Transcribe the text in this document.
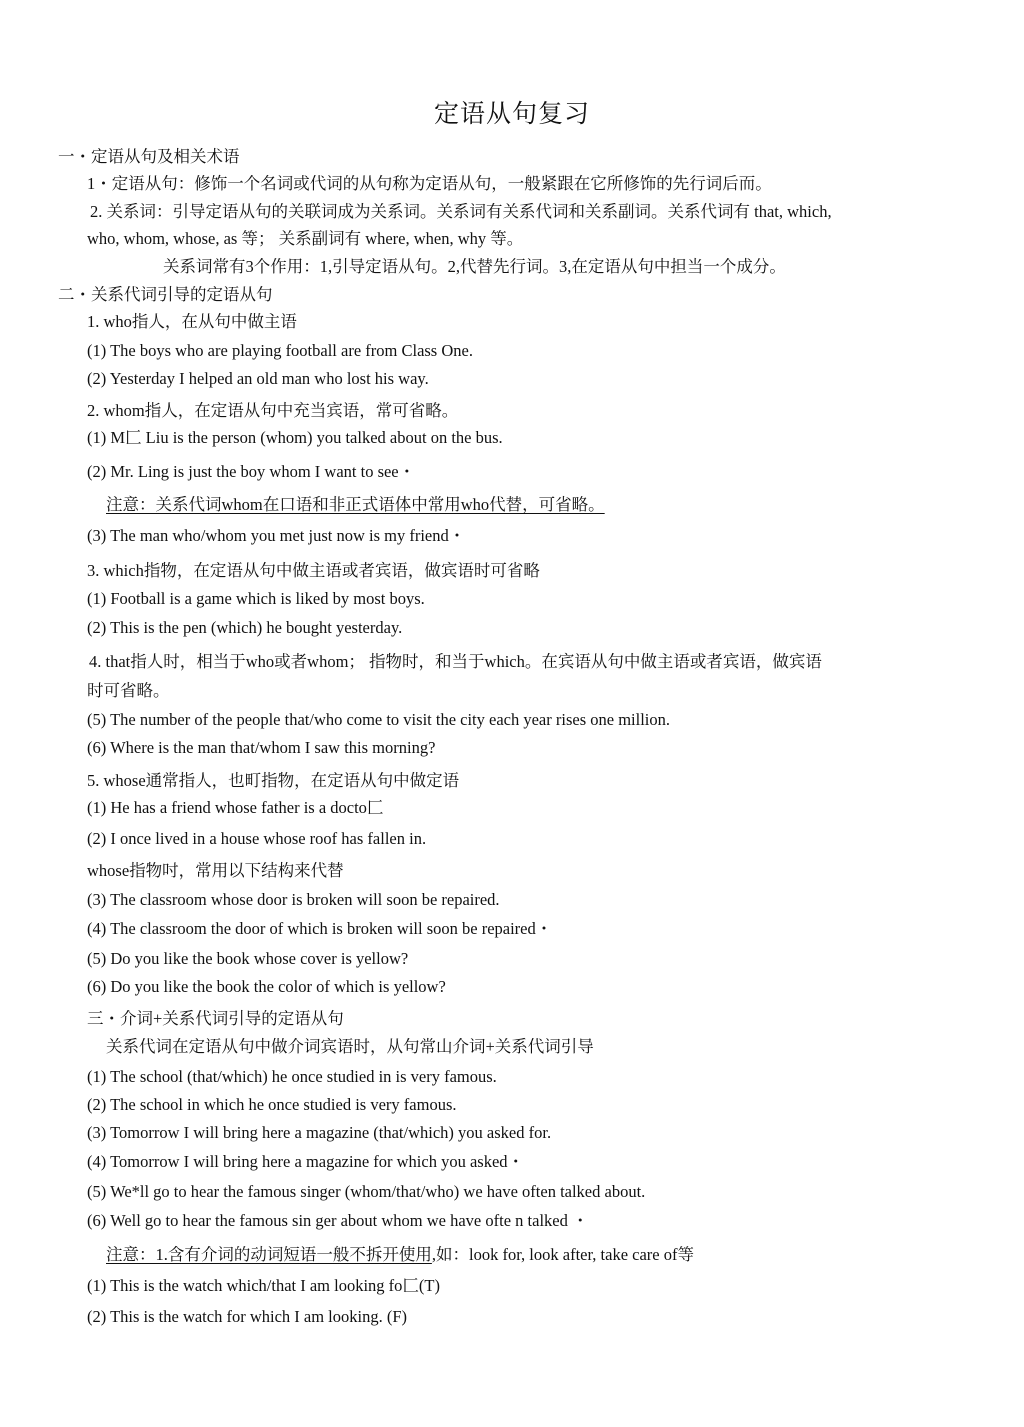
定语从句复习
一・定语从句及相关术语
1・定语从句：修饰一个名词或代词的从句称为定语从句，一般紧跟在它所修饰的先行词后而。
2. 关系词：引导定语从句的关联词成为关系词。关系词有关系代词和关系副词。关系代词有 that, which,
who, whom, whose, as 等； 关系副词有 where, when, why 等。
关系词常有3个作用：1,引导定语从句。2,代替先行词。3,在定语从句中担当一个成分。
二・关系代词引导的定语从句
1. who指人，在从句中做主语
(1) The boys who are playing football are from Class One.
(2) Yesterday I helped an old man who lost his way.
2. whom指人，在定语从句中充当宾语，常可省略。
(1) M匚 Liu is the person (whom) you talked about on the bus.
(2) Mr. Ling is just the boy whom I want to see・
注意：关系代词whom在口语和非正式语体中常用who代替，可省略。
(3) The man who/whom you met just now is my friend・
3. which指物，在定语从句中做主语或者宾语，做宾语时可省略
(1) Football is a game which is liked by most boys.
(2) This is the pen (which) he bought yesterday.
4. that指人时，相当于who或者whom； 指物时，和当于which。在宾语从句中做主语或者宾语，做宾语
时可省略。
(5) The number of the people that/who come to visit the city each year rises one million.
(6) Where is the man that/whom I saw this morning?
5. whose通常指人，也町指物，在定语从句中做定语
(1) He has a friend whose father is a docto匚
(2) I once lived in a house whose roof has fallen in.
whose指物吋，常用以下结构来代替
(3) The classroom whose door is broken will soon be repaired.
(4) The classroom the door of which is broken will soon be repaired・
(5) Do you like the book whose cover is yellow?
(6) Do you like the book the color of which is yellow?
三・介词+关系代词引导的定语从句
关系代词在定语从句中做介词宾语时，从句常山介词+关系代词引导
(1) The school (that/which) he once studied in is very famous.
(2) The school in which he once studied is very famous.
(3) Tomorrow I will bring here a magazine (that/which) you asked for.
(4) Tomorrow I will bring here a magazine for which you asked・
(5) We*ll go to hear the famous singer (whom/that/who) we have often talked about.
(6) Well go to hear the famous sin ger about whom we have ofte n talked ・
注意：1.含有介词的动词短语一般不拆开使用,如：look for, look after, take care of等
(1) This is the watch which/that I am looking fo匚(T)
(2) This is the watch for which I am looking. (F)
